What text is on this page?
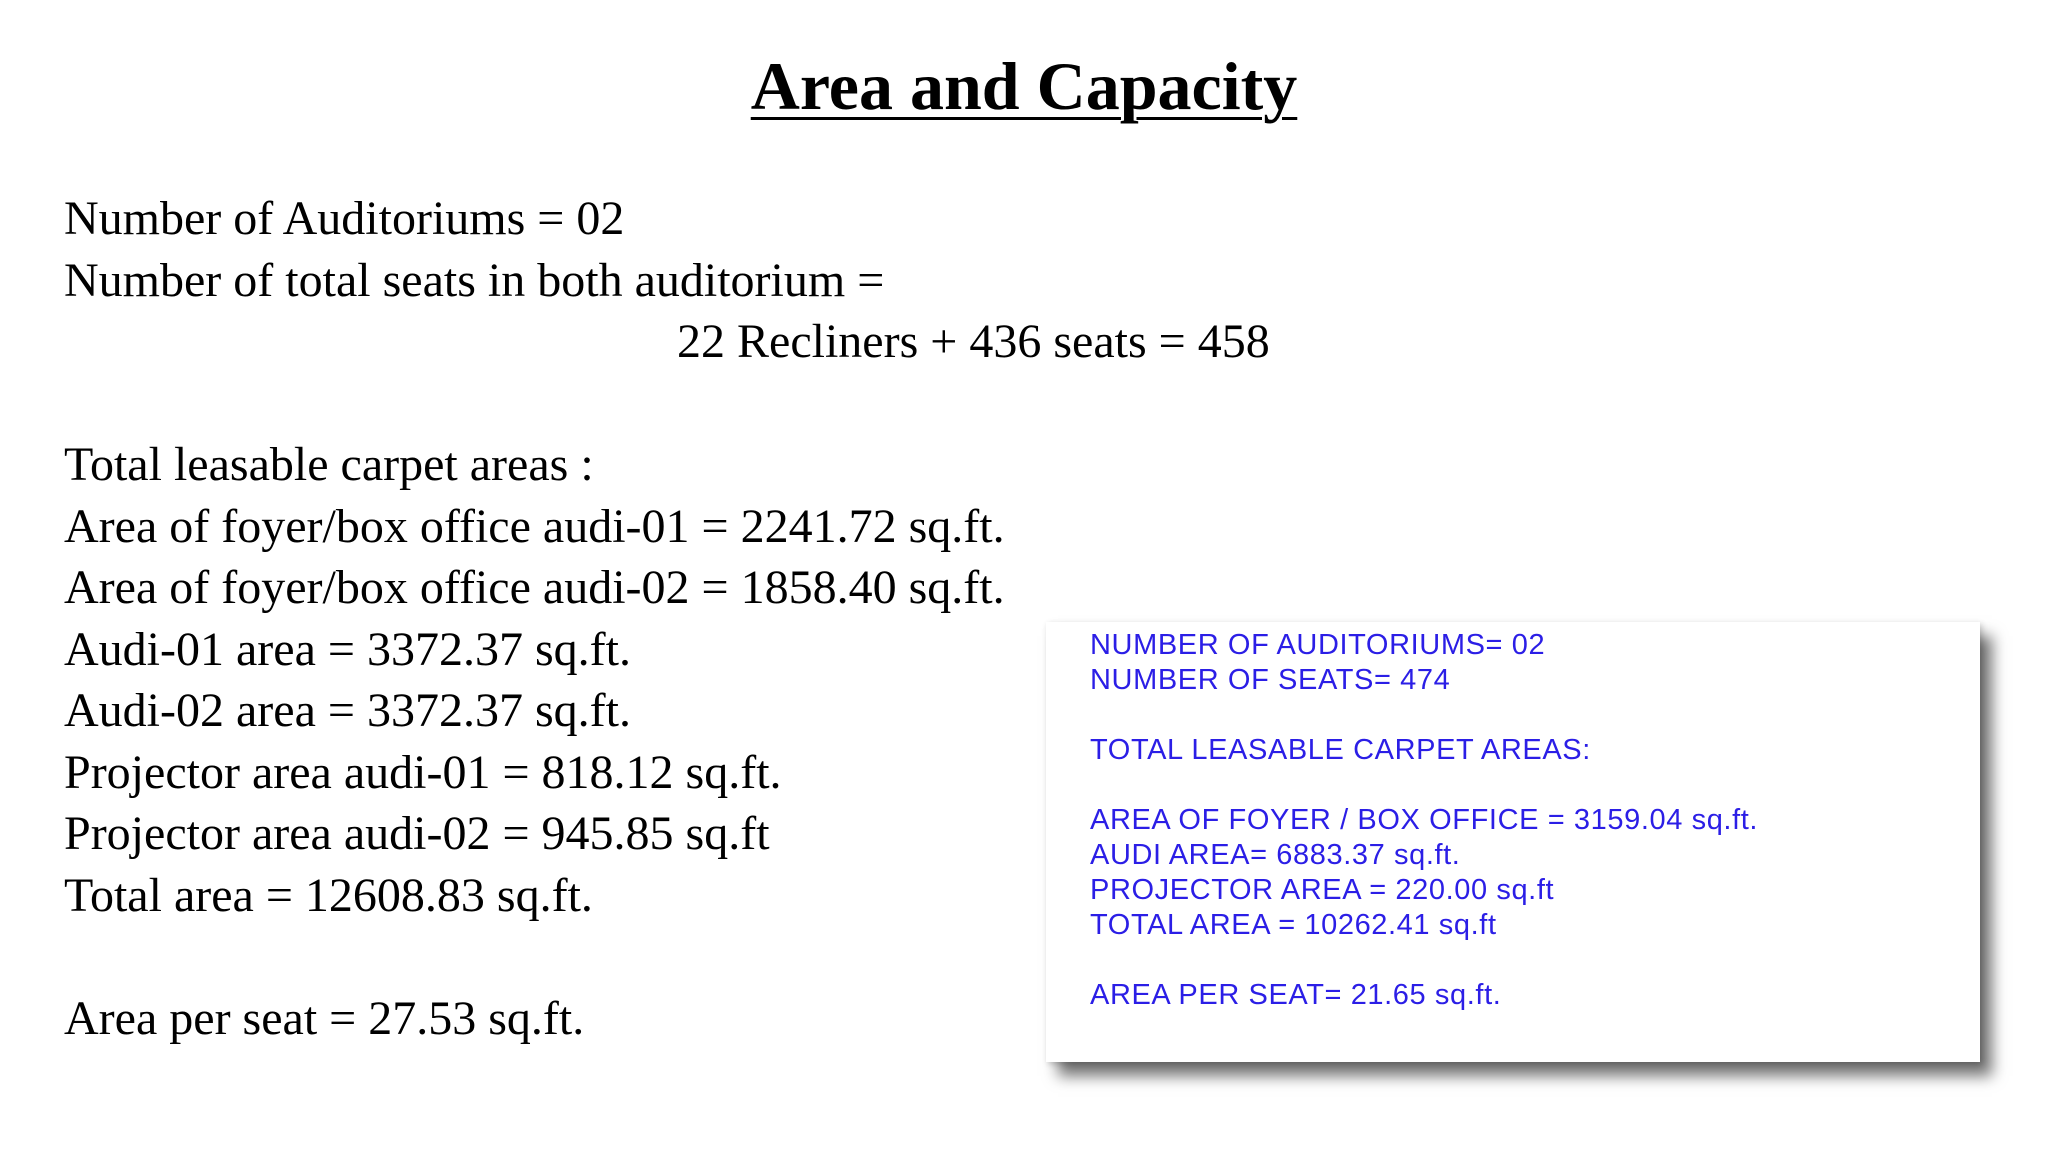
Area and Capacity
Number of Auditoriums = 02
Number of total seats in both auditorium =
22 Recliners + 436 seats = 458
Total leasable carpet areas :
Area of foyer/box office audi-01 = 2241.72 sq.ft.
Area of foyer/box office audi-02 = 1858.40 sq.ft.
Audi-01 area = 3372.37 sq.ft.
Audi-02 area = 3372.37 sq.ft.
Projector area audi-01 = 818.12 sq.ft.
Projector area audi-02 = 945.85 sq.ft
Total area = 12608.83 sq.ft.
Area per seat = 27.53 sq.ft.
NUMBER OF AUDITORIUMS= 02
NUMBER OF SEATS= 474
TOTAL LEASABLE CARPET AREAS:
AREA OF FOYER / BOX OFFICE = 3159.04 sq.ft.
AUDI AREA= 6883.37 sq.ft.
PROJECTOR AREA = 220.00 sq.ft
TOTAL AREA = 10262.41 sq.ft
AREA PER SEAT= 21.65 sq.ft.
